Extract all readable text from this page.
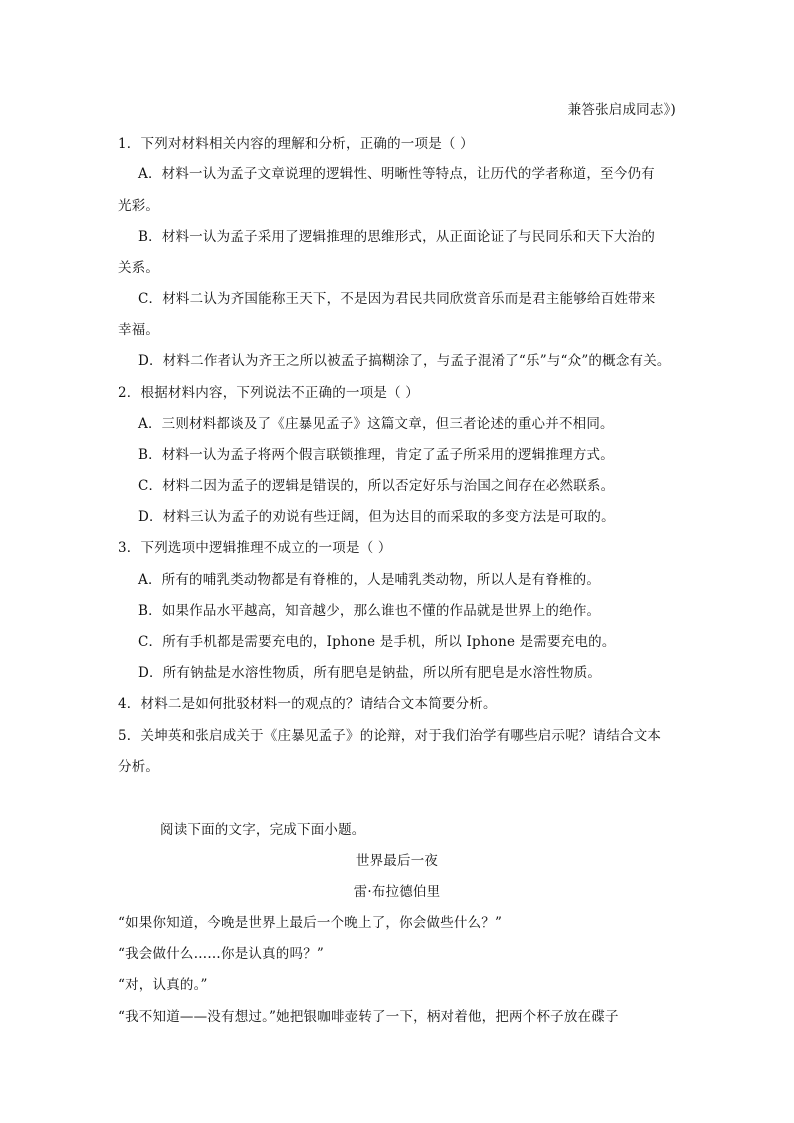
兼答张启成同志》)
1．下列对材料相关内容的理解和分析，正确的一项是（ ）
A．材料一认为孟子文章说理的逻辑性、明晰性等特点，让历代的学者称道，至今仍有
光彩。
B．材料一认为孟子采用了逻辑推理的思维形式，从正面论证了与民同乐和天下大治的
关系。
C．材料二认为齐国能称王天下，不是因为君民共同欣赏音乐而是君主能够给百姓带来
幸福。
D．材料二作者认为齐王之所以被孟子搞糊涂了，与孟子混淆了“乐”与“众”的概念有关。
2．根据材料内容，下列说法不正确的一项是（ ）
A．三则材料都谈及了《庄暴见孟子》这篇文章，但三者论述的重心并不相同。
B．材料一认为孟子将两个假言联锁推理，肯定了孟子所采用的逻辑推理方式。
C．材料二因为孟子的逻辑是错误的，所以否定好乐与治国之间存在必然联系。
D．材料三认为孟子的劝说有些迂阔，但为达目的而采取的多变方法是可取的。
3．下列选项中逻辑推理不成立的一项是（ ）
A．所有的哺乳类动物都是有脊椎的，人是哺乳类动物，所以人是有脊椎的。
B．如果作品水平越高，知音越少，那么谁也不懂的作品就是世界上的绝作。
C．所有手机都是需要充电的，Iphone 是手机，所以 Iphone 是需要充电的。
D．所有钠盐是水溶性物质，所有肥皂是钠盐，所以所有肥皂是水溶性物质。
4．材料二是如何批驳材料一的观点的？请结合文本简要分析。
5．关坤英和张启成关于《庄暴见孟子》的论辩，对于我们治学有哪些启示呢？请结合文本
分析。
阅读下面的文字，完成下面小题。
世界最后一夜
雷·布拉德伯里
“如果你知道，今晚是世界上最后一个晚上了，你会做些什么？”
“我会做什么……你是认真的吗？”
“对，认真的。”
“我不知道——没有想过。”她把银咖啡壶转了一下，柄对着他，把两个杯子放在碟子
